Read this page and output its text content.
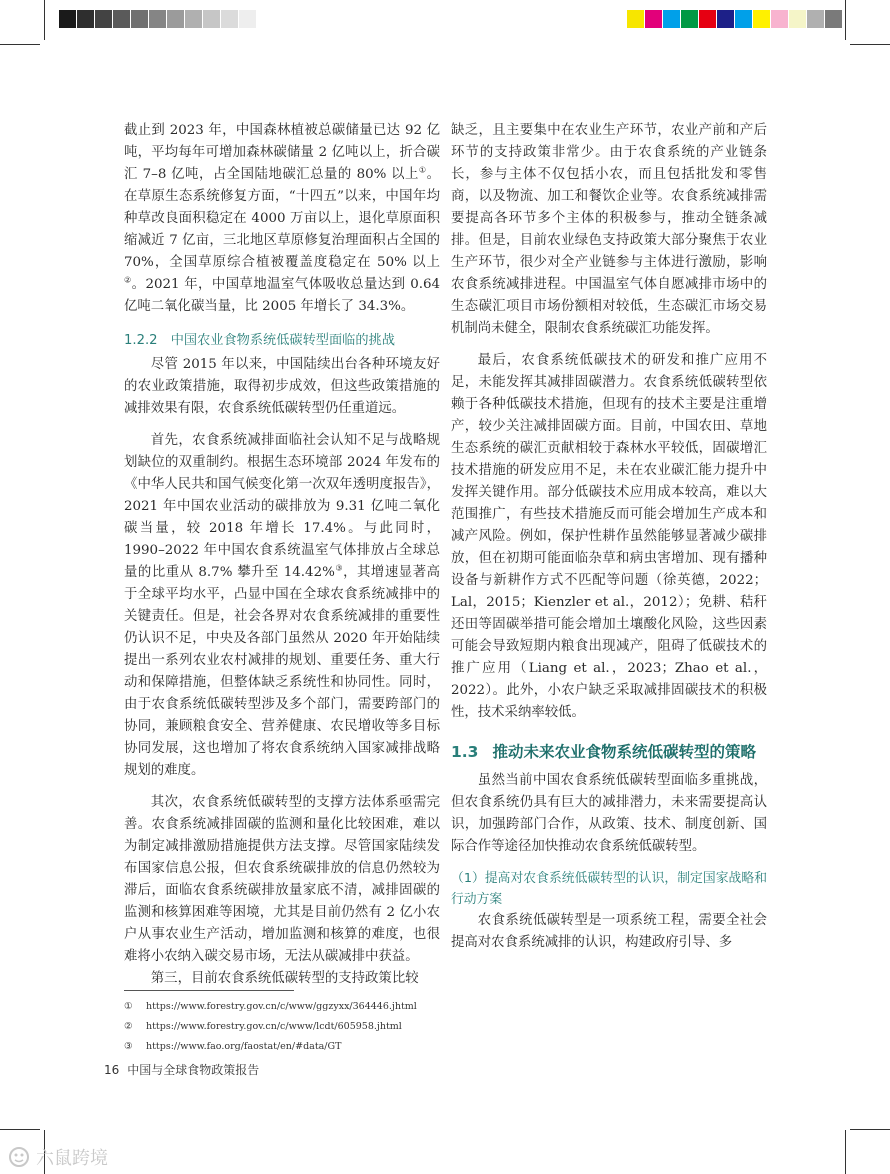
截止到 2023 年，中国森林植被总碳储量已达 92 亿吨，平均每年可增加森林碳储量 2 亿吨以上，折合碳汇 7–8 亿吨，占全国陆地碳汇总量的 80% 以上①。在草原生态系统修复方面，“十四五”以来，中国年均种草改良面积稳定在 4000 万亩以上，退化草原面积缩减近 7 亿亩，三北地区草原修复治理面积占全国的 70%，全国草原综合植被覆盖度稳定在 50% 以上②。2021 年，中国草地温室气体吸收总量达到 0.64 亿吨二氧化碳当量，比 2005 年增长了 34.3%。

1.2.2　中国农业食物系统低碳转型面临的挑战

尽管 2015 年以来，中国陆续出台各种环境友好的农业政策措施，取得初步成效，但这些政策措施的减排效果有限，农食系统低碳转型仍任重道远。

首先，农食系统减排面临社会认知不足与战略规划缺位的双重制约。根据生态环境部 2024 年发布的《中华人民共和国气候变化第一次双年透明度报告》，2021 年中国农业活动的碳排放为 9.31 亿吨二氧化碳当量，较 2018 年增长 17.4%。与此同时，1990–2022 年中国农食系统温室气体排放占全球总量的比重从 8.7% 攀升至 14.42%③，其增速显著高于全球平均水平，凸显中国在全球农食系统减排中的关键责任。但是，社会各界对农食系统减排的重要性仍认识不足，中央及各部门虽然从 2020 年开始陆续提出一系列农业农村减排的规划、重要任务、重大行动和保障措施，但整体缺乏系统性和协同性。同时，由于农食系统低碳转型涉及多个部门，需要跨部门的协同，兼顾粮食安全、营养健康、农民增收等多目标协同发展，这也增加了将农食系统纳入国家减排战略规划的难度。

其次，农食系统低碳转型的支撑方法体系亟需完善。农食系统减排固碳的监测和量化比较困难，难以为制定减排激励措施提供方法支撑。尽管国家陆续发布国家信息公报，但农食系统碳排放的信息仍然较为滞后，面临农食系统碳排放量家底不清，减排固碳的监测和核算困难等困境，尤其是目前仍然有 2 亿小农户从事农业生产活动，增加监测和核算的难度，也很难将小农纳入碳交易市场，无法从碳减排中获益。

第三，目前农食系统低碳转型的支持政策比较

缺乏，且主要集中在农业生产环节，农业产前和产后环节的支持政策非常少。由于农食系统的产业链条长，参与主体不仅包括小农，而且包括批发和零售商，以及物流、加工和餐饮企业等。农食系统减排需要提高各环节多个主体的积极参与，推动全链条减排。但是，目前农业绿色支持政策大部分聚焦于农业生产环节，很少对全产业链参与主体进行激励，影响农食系统减排进程。中国温室气体自愿减排市场中的生态碳汇项目市场份额相对较低，生态碳汇市场交易机制尚未健全，限制农食系统碳汇功能发挥。

最后，农食系统低碳技术的研发和推广应用不足，未能发挥其减排固碳潜力。农食系统低碳转型依赖于各种低碳技术措施，但现有的技术主要是注重增产，较少关注减排固碳方面。目前，中国农田、草地生态系统的碳汇贡献相较于森林水平较低，固碳增汇技术措施的研发应用不足，未在农业碳汇能力提升中发挥关键作用。部分低碳技术应用成本较高，难以大范围推广，有些技术措施反而可能会增加生产成本和减产风险。例如，保护性耕作虽然能够显著减少碳排放，但在初期可能面临杂草和病虫害增加、现有播种设备与新耕作方式不匹配等问题（徐英德，2022；Lal，2015；Kienzler et al.，2012）；免耕、秸秆还田等固碳举措可能会增加土壤酸化风险，这些因素可能会导致短期内粮食出现减产，阻碍了低碳技术的推广应用（Liang et al.，2023；Zhao et al.，2022）。此外，小农户缺乏采取减排固碳技术的积极性，技术采纳率较低。

1.3 推动未来农业食物系统低碳转型的策略

虽然当前中国农食系统低碳转型面临多重挑战，但农食系统仍具有巨大的减排潜力，未来需要提高认识，加强跨部门合作，从政策、技术、制度创新、国际合作等途径加快推动农食系统低碳转型。

（1）提高对农食系统低碳转型的认识，制定国家战略和行动方案

农食系统低碳转型是一项系统工程，需要全社会提高对农食系统减排的认识，构建政府引导、多

①	https://www.forestry.gov.cn/c/www/ggzyxx/364446.jhtml
②	https://www.forestry.gov.cn/c/www/lcdt/605958.jhtml
③	https://www.fao.org/faostat/en/#data/GT
16 中国与全球食物政策报告
六鼠跨境
